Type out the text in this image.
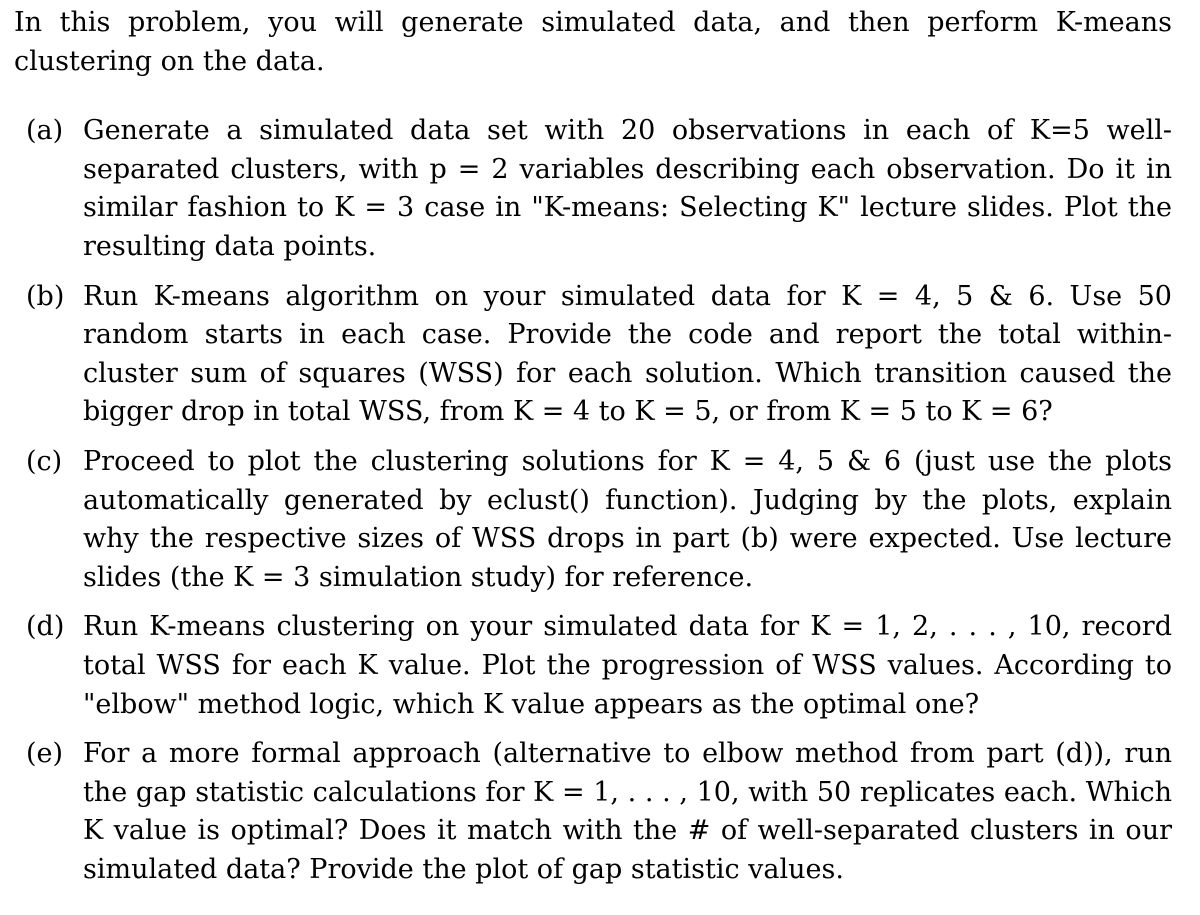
In this problem, you will generate simulated data, and then perform K-means clustering on the data.

(a) Generate a simulated data set with 20 observations in each of K=5 well-separated clusters, with p = 2 variables describing each observation. Do it in similar fashion to K = 3 case in "K-means: Selecting K" lecture slides. Plot the resulting data points.
(b) Run K-means algorithm on your simulated data for K = 4, 5 & 6. Use 50 random starts in each case. Provide the code and report the total within-cluster sum of squares (WSS) for each solution. Which transition caused the bigger drop in total WSS, from K = 4 to K = 5, or from K = 5 to K = 6?
(c) Proceed to plot the clustering solutions for K = 4, 5 & 6 (just use the plots automatically generated by eclust() function). Judging by the plots, explain why the respective sizes of WSS drops in part (b) were expected. Use lecture slides (the K = 3 simulation study) for reference.
(d) Run K-means clustering on your simulated data for K = 1, 2, . . . , 10, record total WSS for each K value. Plot the progression of WSS values. According to "elbow" method logic, which K value appears as the optimal one?
(e) For a more formal approach (alternative to elbow method from part (d)), run the gap statistic calculations for K = 1, . . . , 10, with 50 replicates each. Which K value is optimal? Does it match with the # of well-separated clusters in our simulated data? Provide the plot of gap statistic values.
